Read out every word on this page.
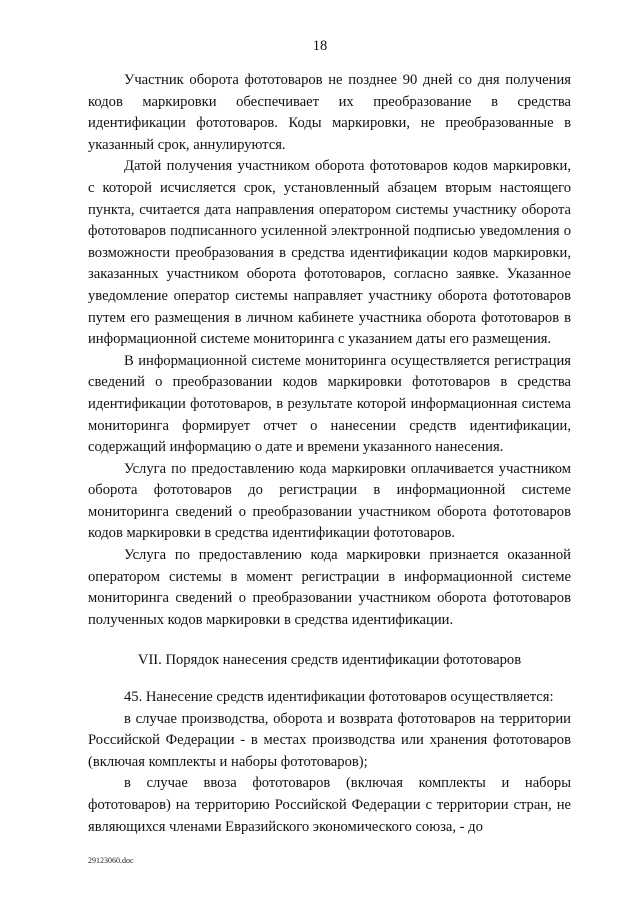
18

Участник оборота фототоваров не позднее 90 дней со дня получения кодов маркировки обеспечивает их преобразование в средства идентификации фототоваров. Коды маркировки, не преобразованные в указанный срок, аннулируются.

Датой получения участником оборота фототоваров кодов маркировки, с которой исчисляется срок, установленный абзацем вторым настоящего пункта, считается дата направления оператором системы участнику оборота фототоваров подписанного усиленной электронной подписью уведомления о возможности преобразования в средства идентификации кодов маркировки, заказанных участником оборота фототоваров, согласно заявке. Указанное уведомление оператор системы направляет участнику оборота фототоваров путем его размещения в личном кабинете участника оборота фототоваров в информационной системе мониторинга с указанием даты его размещения.

В информационной системе мониторинга осуществляется регистрация сведений о преобразовании кодов маркировки фототоваров в средства идентификации фототоваров, в результате которой информационная система мониторинга формирует отчет о нанесении средств идентификации, содержащий информацию о дате и времени указанного нанесения.

Услуга по предоставлению кода маркировки оплачивается участником оборота фототоваров до регистрации в информационной системе мониторинга сведений о преобразовании участником оборота фототоваров кодов маркировки в средства идентификации фототоваров.

Услуга по предоставлению кода маркировки признается оказанной оператором системы в момент регистрации в информационной системе мониторинга сведений о преобразовании участником оборота фототоваров полученных кодов маркировки в средства идентификации.

VII. Порядок нанесения средств идентификации фототоваров

45. Нанесение средств идентификации фототоваров осуществляется:

в случае производства, оборота и возврата фототоваров на территории Российской Федерации - в местах производства или хранения фототоваров (включая комплекты и наборы фототоваров);

в случае ввоза фототоваров (включая комплекты и наборы фототоваров) на территорию Российской Федерации с территории стран, не являющихся членами Евразийского экономического союза, - до

29123060.doc
